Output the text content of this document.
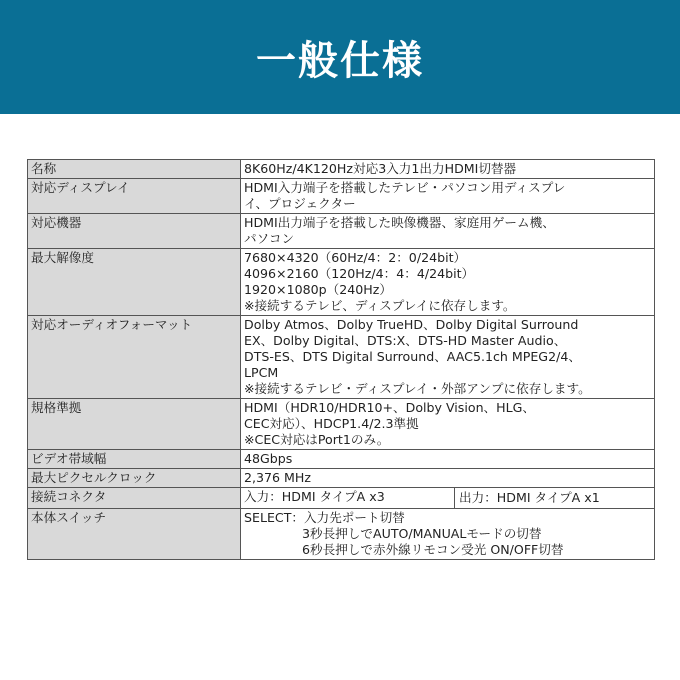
一般仕様
名称	8K60Hz/4K120Hz対応3入力1出力HDMI切替器

対応ディスプレイ	HDMI入力端子を搭載したテレビ・パソコン用ディスプレ
イ、プロジェクター

対応機器	HDMI出力端子を搭載した映像機器、家庭用ゲーム機、
パソコン

最大解像度	7680×4320（60Hz/4：2：0/24bit）
4096×2160（120Hz/4：4：4/24bit）
1920×1080p（240Hz）
※接続するテレビ、ディスプレイに依存します。

対応オーディオフォーマット	Dolby Atmos、Dolby TrueHD、Dolby Digital Surround
EX、Dolby Digital、DTS:X、DTS-HD Master Audio、
DTS-ES、DTS Digital Surround、AAC5.1ch MPEG2/4、
LPCM
※接続するテレビ・ディスプレイ・外部アンプに依存します。

規格準拠	HDMI（HDR10/HDR10+、Dolby Vision、HLG、
CEC対応）、HDCP1.4/2.3準拠
※CEC対応はPort1のみ。

ビデオ帯域幅	48Gbps

最大ピクセルクロック	2,376 MHz

接続コネクタ	入力：HDMI タイプA x3 出力：HDMI タイプA x1

本体スイッチ	SELECT：入力先ポート切替
3秒長押しでAUTO/MANUALモードの切替
6秒長押しで赤外線リモコン受光 ON/OFF切替
